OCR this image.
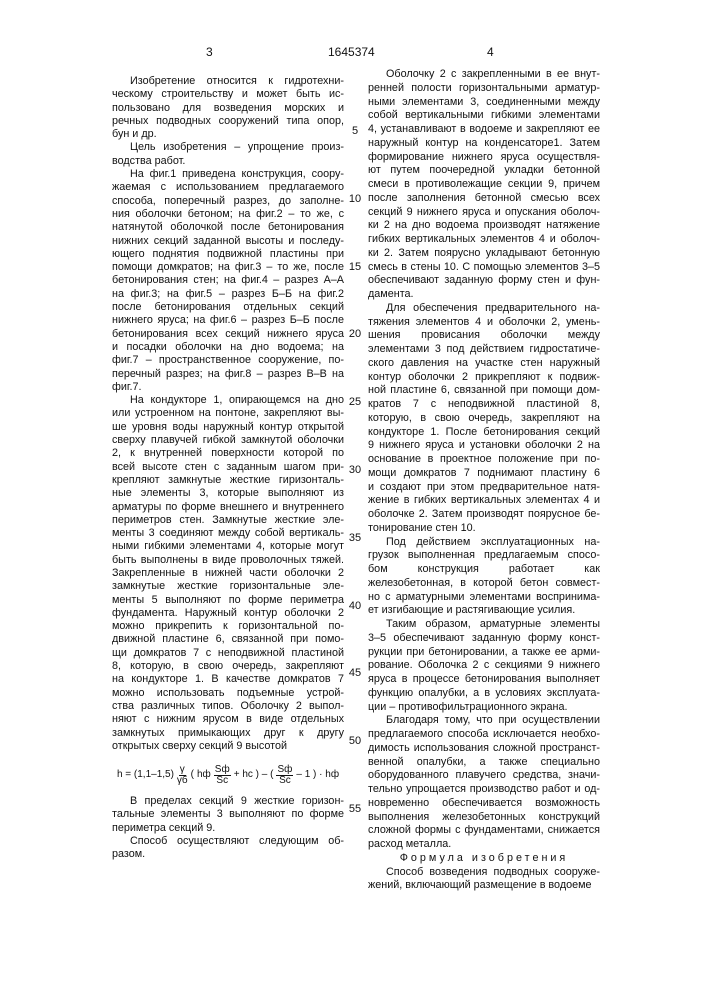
3	1645374	4
5
10
15
20
25
30
35
40
45
50
55
Изобретение относится к гидротехни-
ческому строительству и может быть ис-
пользовано для возведения морских и
речных подводных сооружений типа опор,
бун и др.
Цель изобретения – упрощение произ-
водства работ.
На фиг.1 приведена конструкция, соору-
жаемая с использованием предлагаемого
способа, поперечный разрез, до заполне-
ния оболочки бетоном; на фиг.2 – то же, с
натянутой оболочкой после бетонирования
нижних секций заданной высоты и последу-
ющего поднятия подвижной пластины при
помощи домкратов; на фиг.3 – то же, после
бетонирования стен; на фиг.4 – разрез А–А
на фиг.3; на фиг.5 – разрез Б–Б на фиг.2
после бетонирования отдельных секций
нижнего яруса; на фиг.6 – разрез Б–Б после
бетонирования всех секций нижнего яруса
и посадки оболочки на дно водоема; на
фиг.7 – пространственное сооружение, по-
перечный разрез; на фиг.8 – разрез В–В на
фиг.7.
На кондукторе 1, опирающемся на дно
или устроенном на понтоне, закрепляют вы-
ше уровня воды наружный контур открытой
сверху плавучей гибкой замкнутой оболочки
2, к внутренней поверхности которой по
всей высоте стен с заданным шагом при-
крепляют замкнутые жесткие гиризонталь-
ные элементы 3, которые выполняют из
арматуры по форме внешнего и внутреннего
периметров стен. Замкнутые жесткие эле-
менты 3 соединяют между собой вертикаль-
ными гибкими элементами 4, которые могут
быть выполнены в виде проволочных тяжей.
Закрепленные в нижней части оболочки 2
замкнутые жесткие горизонтальные эле-
менты 5 выполняют по форме периметра
фундамента. Наружный контур оболочки 2
можно прикрепить к горизонтальной по-
движной пластине 6, связанной при помо-
щи домкратов 7 с неподвижной пластиной
8, которую, в свою очередь, закрепляют
на кондукторе 1. В качестве домкратов 7
можно использовать подъемные устрой-
ства различных типов. Оболочку 2 выпол-
няют с нижним ярусом в виде отдельных
замкнутых примыкающих друг к другу
открытых сверху секций 9 высотой
h = (1,1–1,5)
γ
γб ( hф
Sф
Sс + hс ) – (
Sф
Sс – 1 ) · hф
В пределах секций 9 жесткие горизон-
тальные элементы 3 выполняют по форме
периметра секций 9.
Способ осуществляют следующим об-
разом.
Оболочку 2 с закрепленными в ее внут-
ренней полости горизонтальными арматур-
ными элементами 3, соединенными между
собой вертикальными гибкими элементами
4, устанавливают в водоеме и закрепляют ее
наружный контур на конденсаторе1. Затем
формирование нижнего яруса осуществля-
ют путем поочередной укладки бетонной
смеси в противолежащие секции 9, причем
после заполнения бетонной смесью всех
секций 9 нижнего яруса и опускания оболоч-
ки 2 на дно водоема производят натяжение
гибких вертикальных элементов 4 и оболоч-
ки 2. Затем поярусно укладывают бетонную
смесь в стены 10. С помощью элементов 3–5
обеспечивают заданную форму стен и фун-
дамента.
Для обеспечения предварительного на-
тяжения элементов 4 и оболочки 2, умень-
шения провисания оболочки между
элементами 3 под действием гидростатиче-
ского давления на участке стен наружный
контур оболочки 2 прикрепляют к подвиж-
ной пластине 6, связанной при помощи дом-
кратов 7 с неподвижной пластиной 8,
которую, в свою очередь, закрепляют на
кондукторе 1. После бетонирования секций
9 нижнего яруса и установки оболочки 2 на
основание в проектное положение при по-
мощи домкратов 7 поднимают пластину 6
и создают при этом предварительное натя-
жение в гибких вертикальных элементах 4 и
оболочке 2. Затем производят поярусное бе-
тонирование стен 10.
Под действием эксплуатационных на-
грузок выполненная предлагаемым спосо-
бом конструкция работает как
железобетонная, в которой бетон совмест-
но с арматурными элементами воспринима-
ет изгибающие и растягивающие усилия.
Таким образом, арматурные элементы
3–5 обеспечивают заданную форму конст-
рукции при бетонировании, а также ее арми-
рование. Оболочка 2 с секциями 9 нижнего
яруса в процессе бетонирования выполняет
функцию опалубки, а в условиях эксплуата-
ции – противофильтрационного экрана.
Благодаря тому, что при осуществлении
предлагаемого способа исключается необхо-
димость использования сложной пространст-
венной опалубки, а также специально
оборудованного плавучего средства, значи-
тельно упрощается производство работ и од-
новременно обеспечивается возможность
выполнения железобетонных конструкций
сложной формы с фундаментами, снижается
расход металла.
Формула изобретения
Способ возведения подводных сооруже-
жений, включающий размещение в водоеме
